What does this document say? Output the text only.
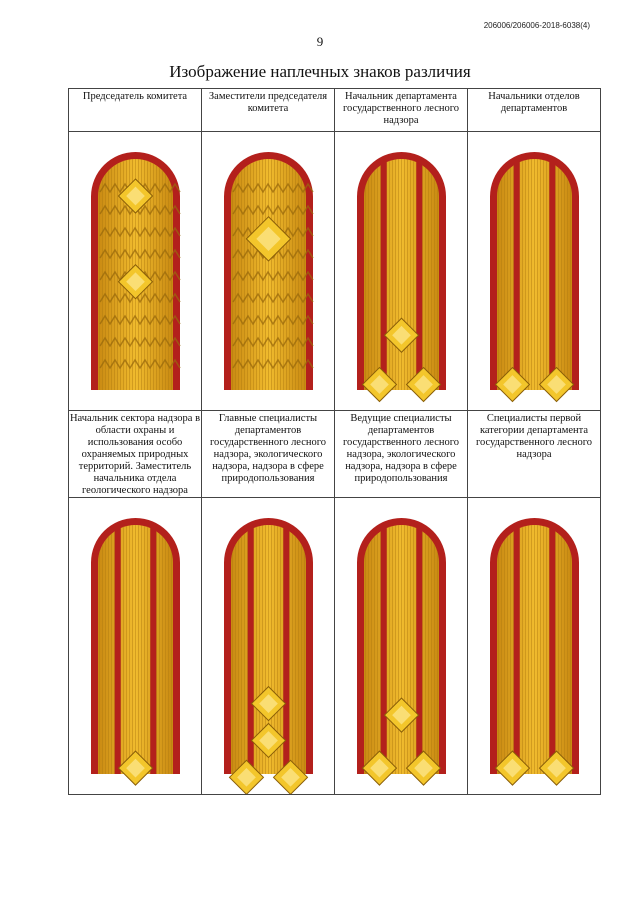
206006/206006-2018-6038(4)
9
Изображение наплечных знаков различия
Председатель комитета	Заместители председателя комитета	Начальник департамента государственного лесного надзора	Начальники отделов департаментов

Начальник сектора надзора в области охраны и использования особо охраняемых природных территорий. Заместитель начальника отдела геологического надзора	Главные специалисты департаментов государственного лесного надзора, экологического надзора, надзора в сфере природопользования	Ведущие специалисты департаментов государственного лесного надзора, экологического надзора, надзора в сфере природопользования	Специалисты первой категории департамента государственного лесного надзора
